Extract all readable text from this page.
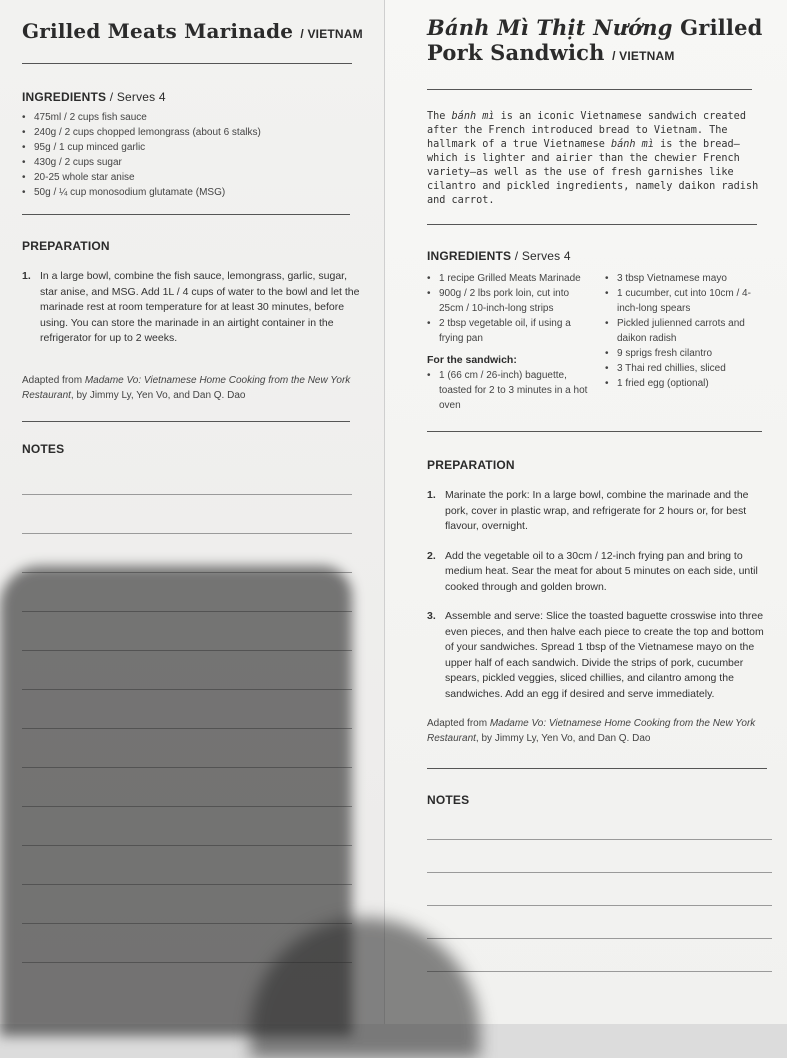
Grilled Meats Marinade / VIETNAM
INGREDIENTS / Serves 4
• 475ml / 2 cups fish sauce
• 240g / 2 cups chopped lemongrass (about 6 stalks)
• 95g / 1 cup minced garlic
• 430g / 2 cups sugar
• 20-25 whole star anise
• 50g / ¼ cup monosodium glutamate (MSG)
PREPARATION
1. In a large bowl, combine the fish sauce, lemongrass, garlic, sugar, star anise, and MSG. Add 1L / 4 cups of water to the bowl and let the marinade rest at room temperature for at least 30 minutes, before using. You can store the marinade in an airtight container in the refrigerator for up to 2 weeks.
Adapted from Madame Vo: Vietnamese Home Cooking from the New York Restaurant, by Jimmy Ly, Yen Vo, and Dan Q. Dao
NOTES
Bánh Mì Thịt Nướng Grilled Pork Sandwich / VIETNAM

The bánh mì is an iconic Vietnamese sandwich created after the French introduced bread to Vietnam. The hallmark of a true Vietnamese bánh mì is the bread—which is lighter and airier than the chewier French variety—as well as the use of fresh garnishes like cilantro and pickled ingredients, namely daikon radish and carrot.

INGREDIENTS / Serves 4
• 1 recipe Grilled Meats Marinade
• 900g / 2 lbs pork loin, cut into 25cm / 10-inch-long strips
• 2 tbsp vegetable oil, if using a frying pan
For the sandwich:
• 1 (66 cm / 26-inch) baguette, toasted for 2 to 3 minutes in a hot oven
• 3 tbsp Vietnamese mayo
• 1 cucumber, cut into 10cm / 4-inch-long spears
• Pickled julienned carrots and daikon radish
• 9 sprigs fresh cilantro
• 3 Thai red chillies, sliced
• 1 fried egg (optional)
PREPARATION
1. Marinate the pork: In a large bowl, combine the marinade and the pork, cover in plastic wrap, and refrigerate for 2 hours or, for best flavour, overnight.
2. Add the vegetable oil to a 30cm / 12-inch frying pan and bring to medium heat. Sear the meat for about 5 minutes on each side, until cooked through and golden brown.
3. Assemble and serve: Slice the toasted baguette crosswise into three even pieces, and then halve each piece to create the top and bottom of your sandwiches. Spread 1 tbsp of the Vietnamese mayo on the upper half of each sandwich. Divide the strips of pork, cucumber spears, pickled veggies, sliced chillies, and cilantro among the sandwiches. Add an egg if desired and serve immediately.
Adapted from Madame Vo: Vietnamese Home Cooking from the New York Restaurant, by Jimmy Ly, Yen Vo, and Dan Q. Dao
NOTES
